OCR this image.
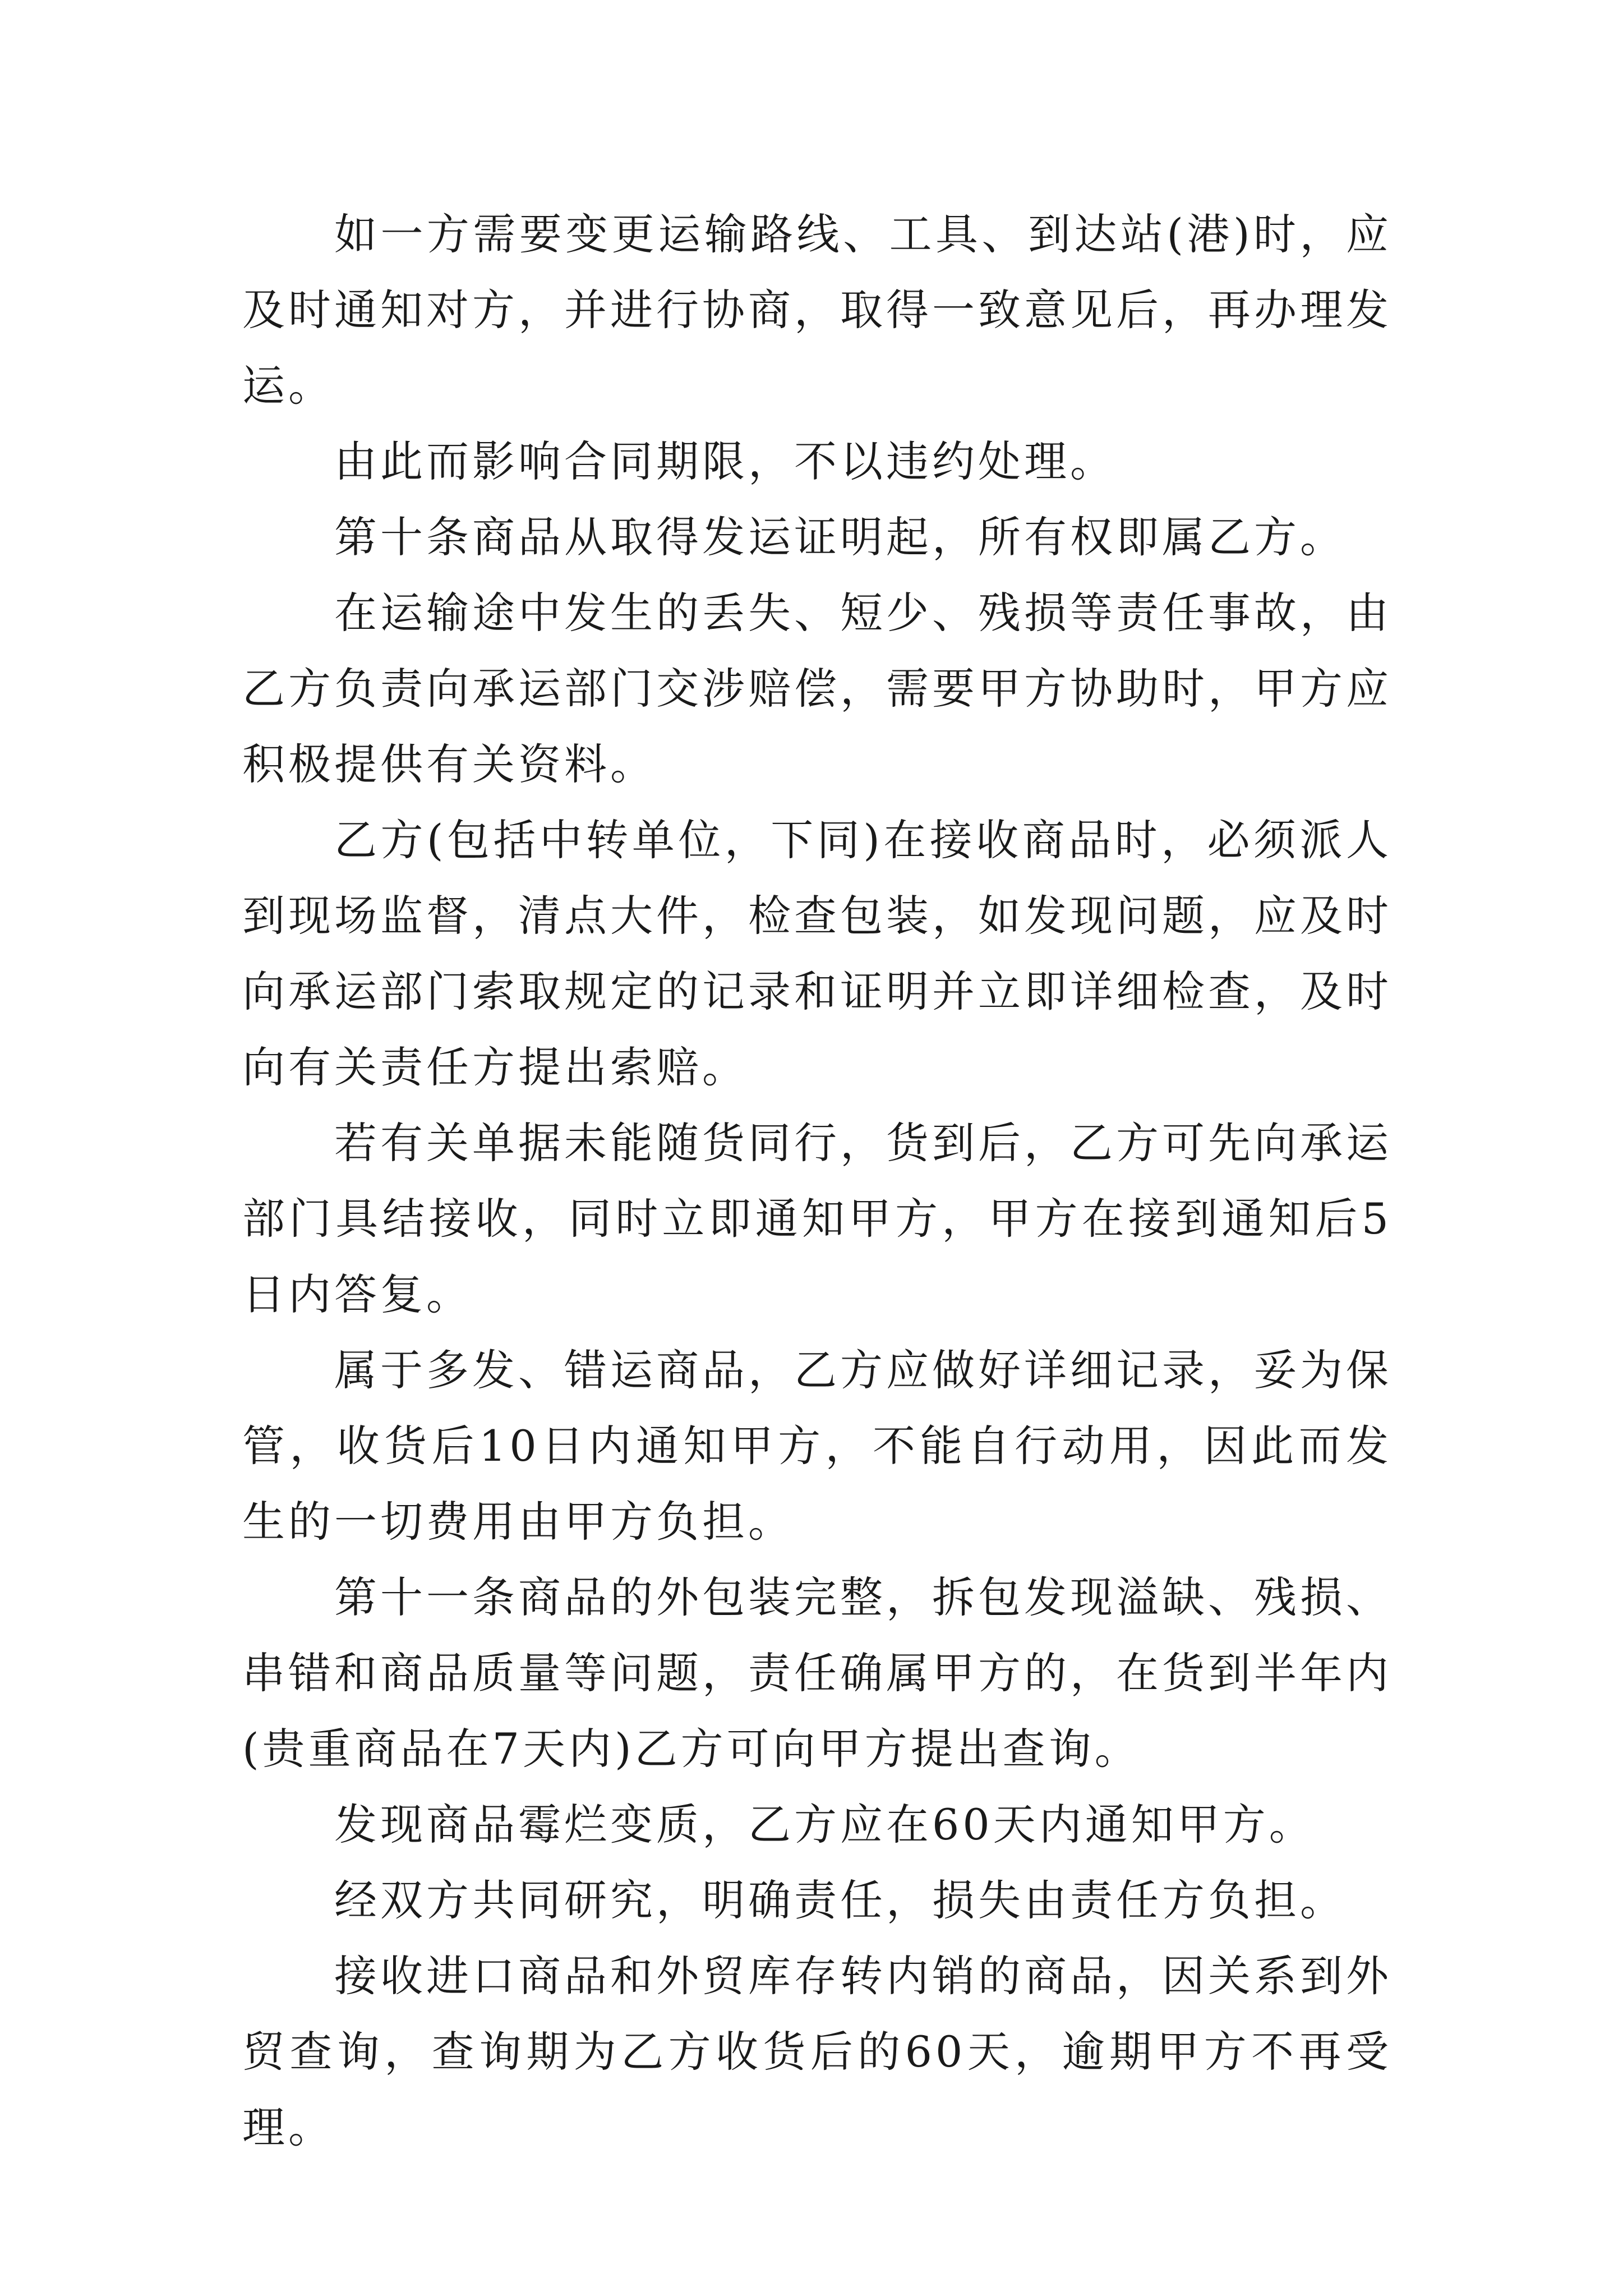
如一方需要变更运输路线、工具、到达站(港)时，应及时通知对方，并进行协商，取得一致意见后，再办理发运。

由此而影响合同期限，不以违约处理。

第十条商品从取得发运证明起，所有权即属乙方。

在运输途中发生的丢失、短少、残损等责任事故，由乙方负责向承运部门交涉赔偿，需要甲方协助时，甲方应积极提供有关资料。

乙方(包括中转单位，下同)在接收商品时，必须派人到现场监督，清点大件，检查包装，如发现问题，应及时向承运部门索取规定的记录和证明并立即详细检查，及时向有关责任方提出索赔。

若有关单据未能随货同行，货到后，乙方可先向承运部门具结接收，同时立即通知甲方，甲方在接到通知后5日内答复。

属于多发、错运商品，乙方应做好详细记录，妥为保管，收货后10日内通知甲方，不能自行动用，因此而发生的一切费用由甲方负担。

第十一条商品的外包装完整，拆包发现溢缺、残损、串错和商品质量等问题，责任确属甲方的，在货到半年内(贵重商品在7天内)乙方可向甲方提出查询。

发现商品霉烂变质，乙方应在60天内通知甲方。

经双方共同研究，明确责任，损失由责任方负担。

接收进口商品和外贸库存转内销的商品，因关系到外贸查询，查询期为乙方收货后的60天，逾期甲方不再受理。
